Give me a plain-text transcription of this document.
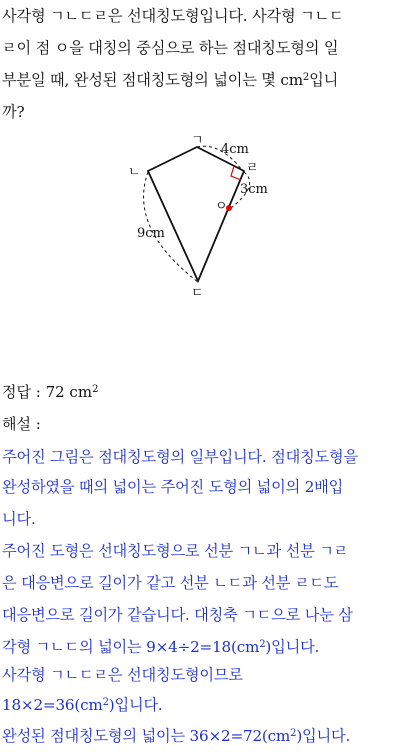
사각형 ㄱㄴㄷㄹ은 선대칭도형입니다. 사각형 ㄱㄴㄷ

ㄹ이 점 ㅇ을 대칭의 중심으로 하는 점대칭도형의 일

부분일 때, 완성된 점대칭도형의 넓이는 몇 $cm^2$입니

까?

ㄱ
ㄴ
ㄷ
ㄹ
ㅇ
4cm
3cm
9cm
정답 : 72 $cm^2$
해설 :

주어진 그림은 점대칭도형의 일부입니다. 점대칭도형을

완성하였을 때의 넓이는 주어진 도형의 넓이의 2배입

니다.

주어진 도형은 선대칭도형으로 선분 ㄱㄴ과 선분 ㄱㄹ

은 대응변으로 길이가 같고 선분 ㄴㄷ과 선분 ㄹㄷ도

대응변으로 길이가 같습니다. 대칭축 ㄱㄷ으로 나눈 삼

각형 ㄱㄴㄷ의 넓이는 $9\times 4\div 2=18(cm^2)$입니다.

사각형 ㄱㄴㄷㄹ은 선대칭도형이므로

$18\times 2=36(cm^2)$입니다.

완성된 점대칭도형의 넓이는 $36\times 2=72(cm^2)$입니다.
